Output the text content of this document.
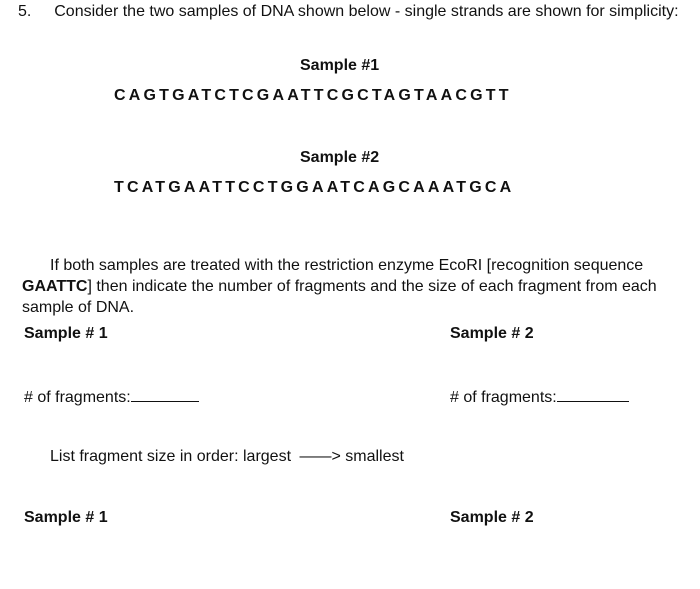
5. Consider the two samples of DNA shown below - single strands are shown for simplicity:
Sample #1
CAGTGATCTCGAATTCGCTAGTAACGTT
Sample #2
TCATGAATTCCTGGAATCAGCAAATGCA
If both samples are treated with the restriction enzyme EcoRI [recognition sequence GAATTC] then indicate the number of fragments and the size of each fragment from each sample of DNA.
Sample # 1	Sample # 2
# of fragments:	# of fragments:
List fragment size in order: largest ——> smallest
Sample # 1	Sample # 2
